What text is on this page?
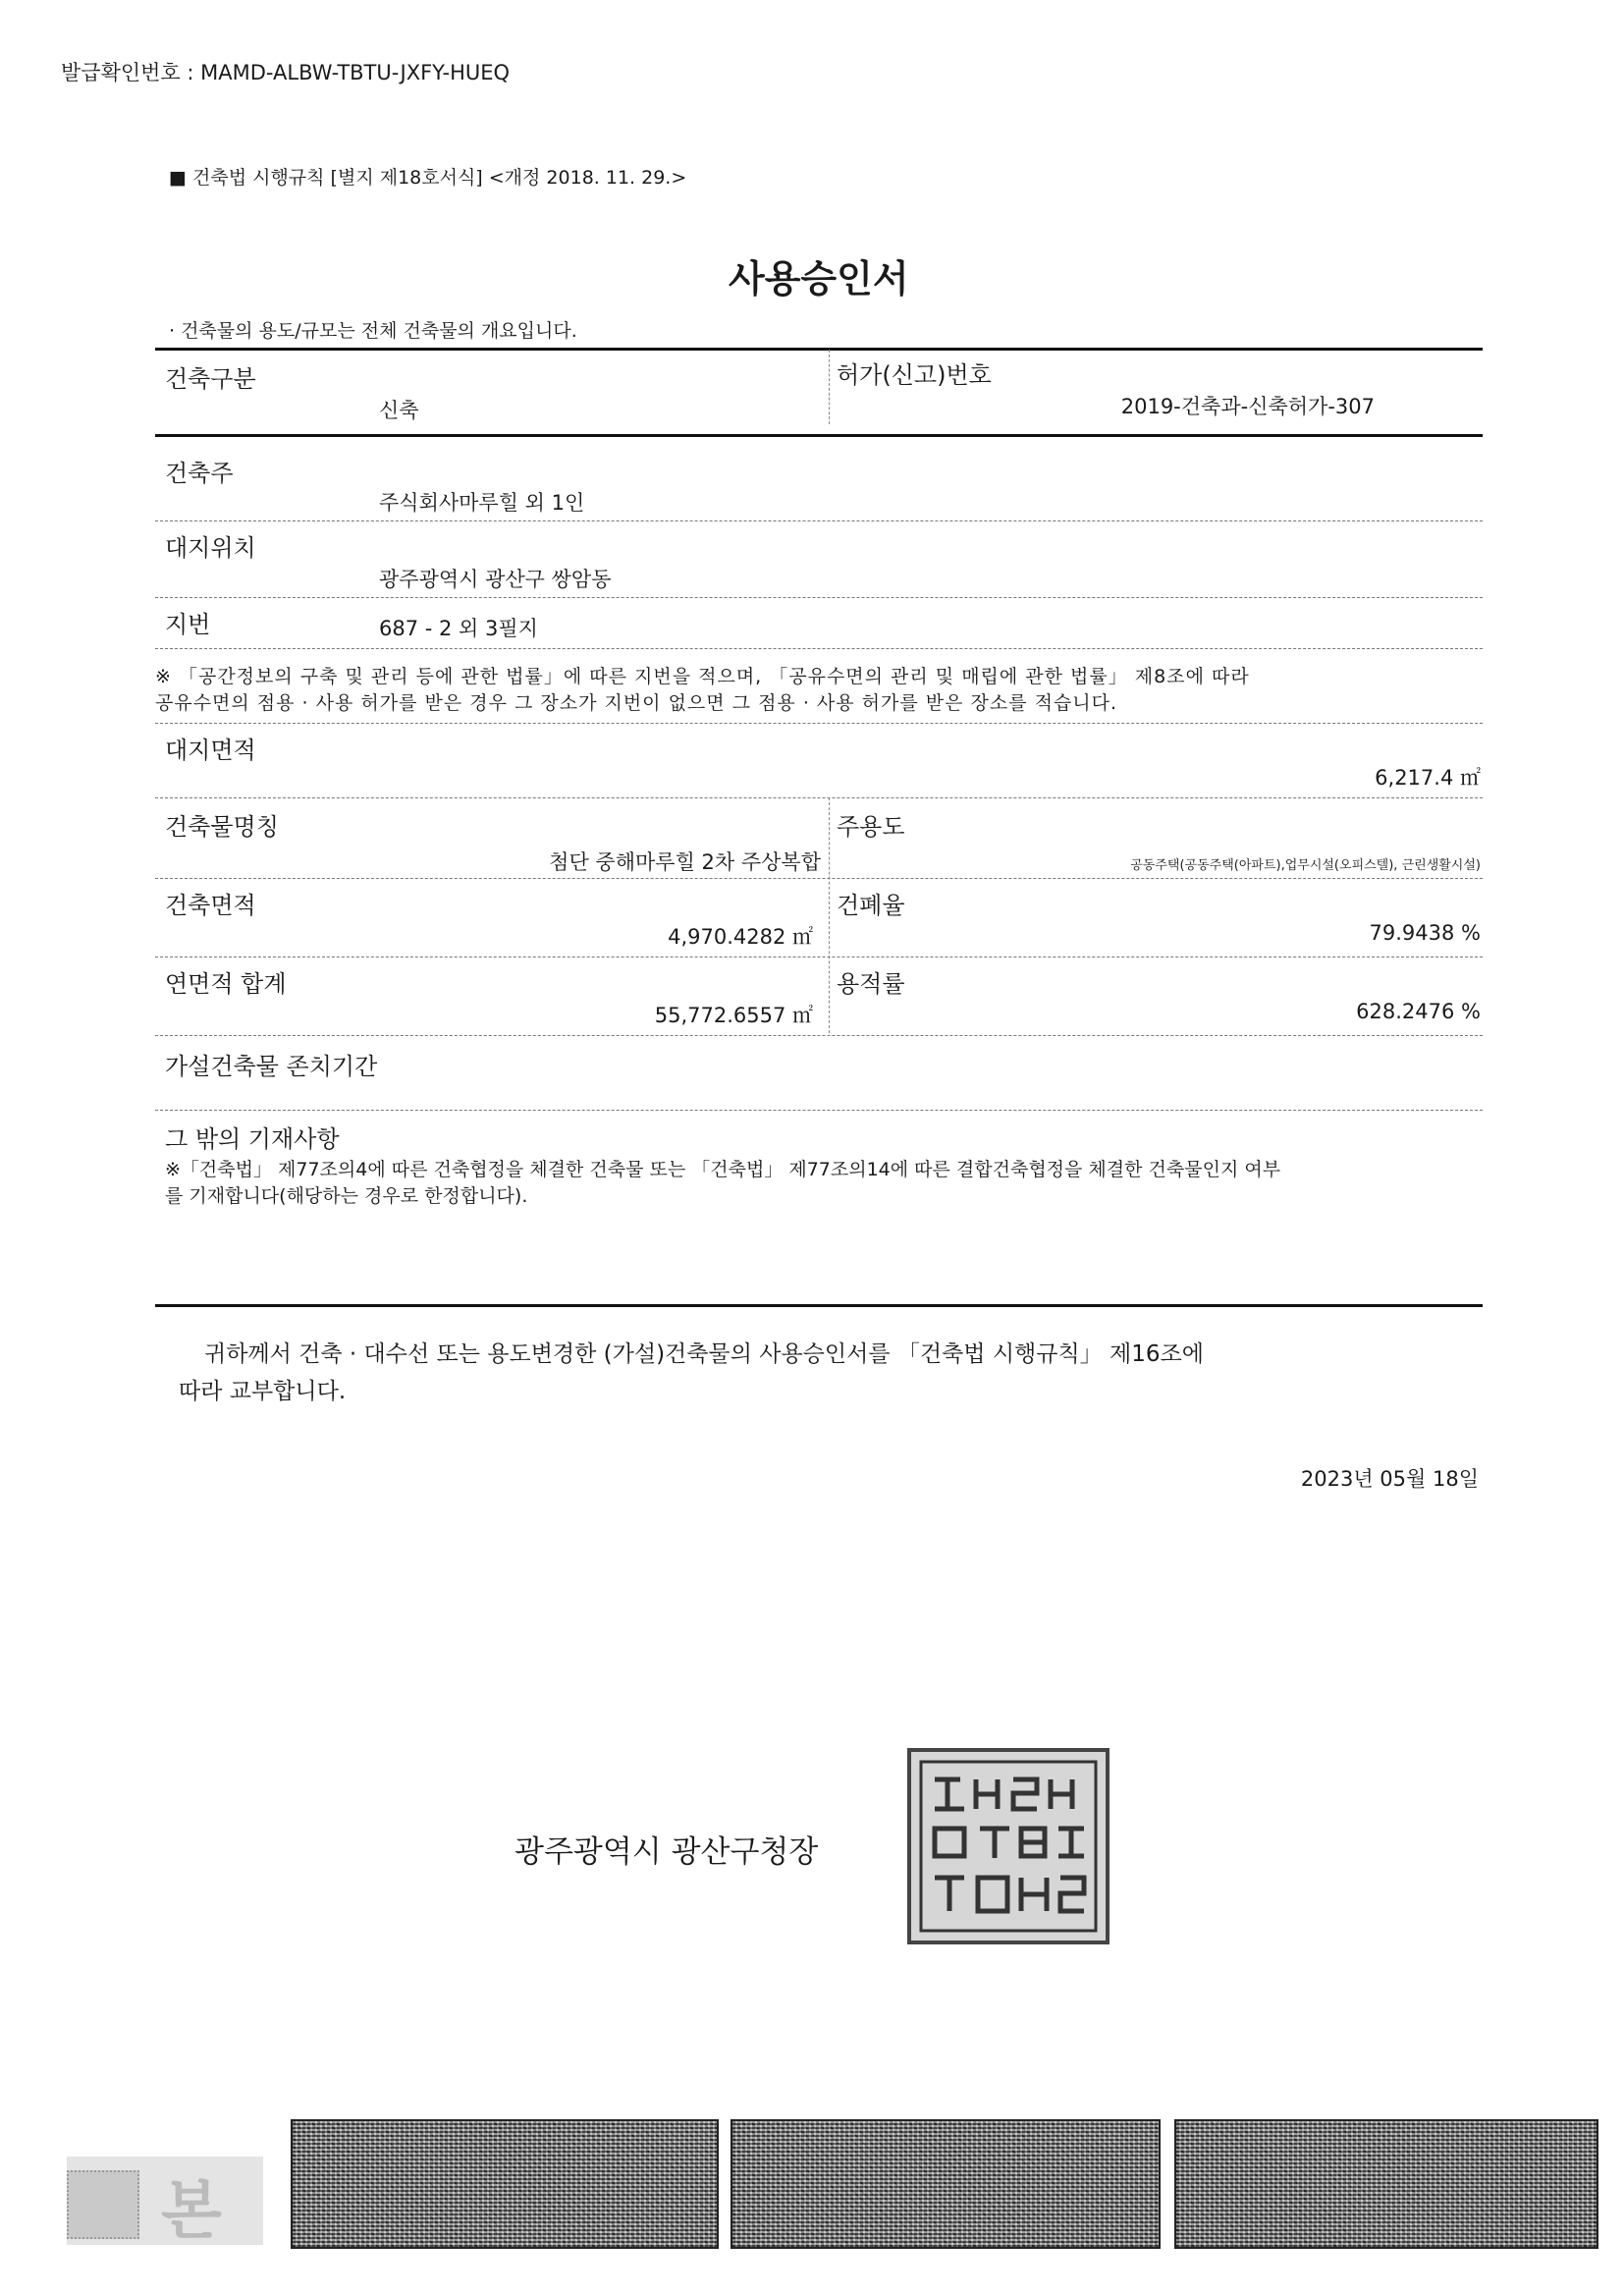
발급확인번호 : MAMD-ALBW-TBTU-JXFY-HUEQ
■ 건축법 시행규칙 [별지 제18호서식] <개정 2018. 11. 29.>
사용승인서
· 건축물의 용도/규모는 전체 건축물의 개요입니다.
건축구분
신축
허가(신고)번호
2019-건축과-신축허가-307
건축주
주식회사마루힐 외 1인
대지위치
광주광역시 광산구 쌍암동
지번	687 - 2 외 3필지
※ 「공간정보의 구축 및 관리 등에 관한 법률」에 따른 지번을 적으며, 「공유수면의 관리 및 매립에 관한 법률」 제8조에 따라
공유수면의 점용 · 사용 허가를 받은 경우 그 장소가 지번이 없으면 그 점용 · 사용 허가를 받은 장소를 적습니다.
대지면적
6,217.4 ㎡
건축물명칭
첨단 중해마루힐 2차 주상복합
주용도
공동주택(공동주택(아파트),업무시설(오피스텔), 근린생활시설)
건축면적
4,970.4282 ㎡
건폐율
79.9438 %
연면적 합계
55,772.6557 ㎡
용적률
628.2476 %
가설건축물 존치기간
그 밖의 기재사항
※「건축법」 제77조의4에 따른 건축협정을 체결한 건축물 또는 「건축법」 제77조의14에 따른 결합건축협정을 체결한 건축물인지 여부
를 기재합니다(해당하는 경우로 한정합니다).
귀하께서 건축 · 대수선 또는 용도변경한 (가설)건축물의 사용승인서를 「건축법 시행규칙」 제16조에
따라 교부합니다.
2023년 05월 18일
광주광역시 광산구청장
본
